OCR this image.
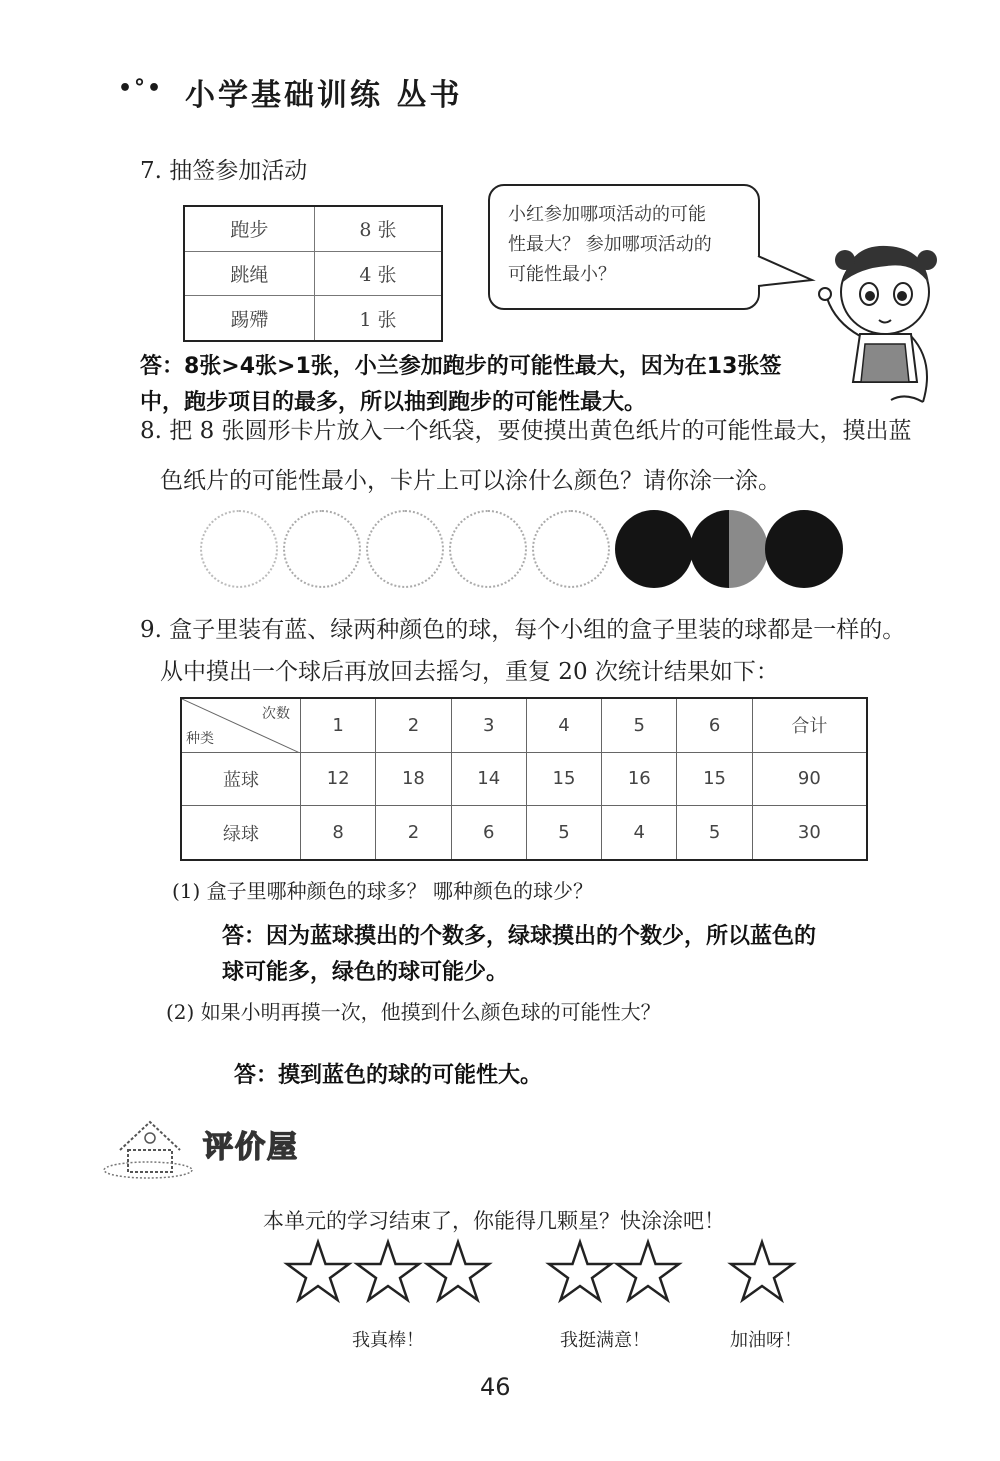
•°• 小学基础训练 丛书
7. 抽签参加活动
跑步	8 张
跳绳	4 张
踢殢	1 张
小红参加哪项活动的可能
性最大？ 参加哪项活动的
可能性最小？
答：8张>4张>1张，小兰参加跑步的可能性最大，因为在13张签
中，跑步项目的最多，所以抽到跑步的可能性最大。
8. 把 8 张圆形卡片放入一个纸袋，要使摸出黄色纸片的可能性最大，摸出蓝
色纸片的可能性最小，卡片上可以涂什么颜色？请你涂一涂。
9. 盒子里装有蓝、绿两种颜色的球，每个小组的盒子里装的球都是一样的。
从中摸出一个球后再放回去摇匀，重复 20 次统计结果如下：
次数
种类	1	2	3	4	5	6	合计
蓝球	12	18	14	15	16	15	90
绿球	8	2	6	5	4	5	30
(1) 盒子里哪种颜色的球多？ 哪种颜色的球少？
答：因为蓝球摸出的个数多，绿球摸出的个数少，所以蓝色的
球可能多，绿色的球可能少。
(2) 如果小明再摸一次，他摸到什么颜色球的可能性大？
答：摸到蓝色的球的可能性大。
评价屋
本单元的学习结束了，你能得几颗星？快涂涂吧！
我真棒！	我挺满意！	加油呀！
46
